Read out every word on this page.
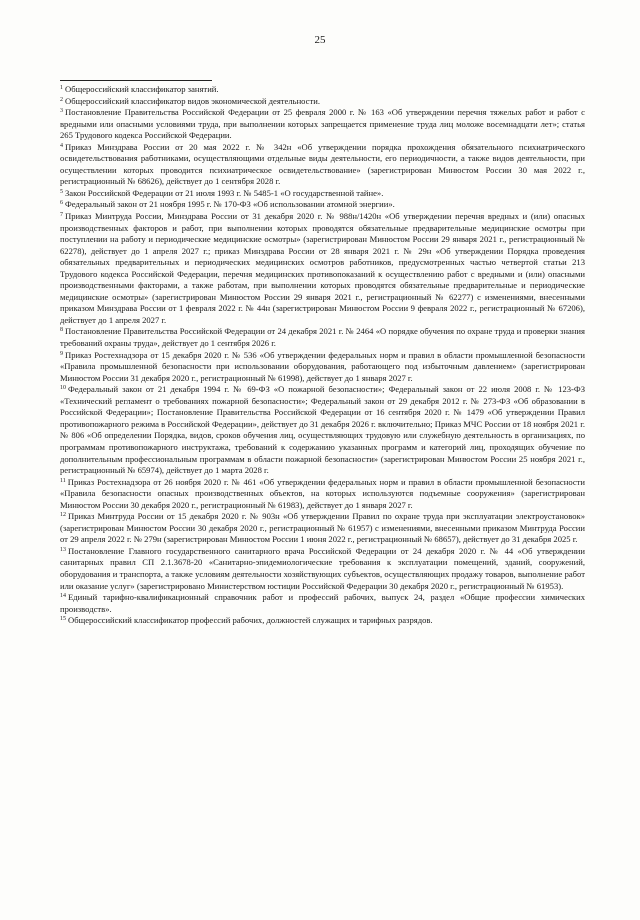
25

$^1$ Общероссийский классификатор занятий.

$^2$ Общероссийский классификатор видов экономической деятельности.

$^3$ Постановление Правительства Российской Федерации от 25 февраля 2000 г. № 163 «Об утверждении перечня тяжелых работ и работ с вредными или опасными условиями труда, при выполнении которых запрещается применение труда лиц моложе восемнадцати лет»; статья 265 Трудового кодекса Российской Федерации.

$^4$ Приказ Минздрава России от 20 мая 2022 г. № 342н «Об утверждении порядка прохождения обязательного психиатрического освидетельствования работниками, осуществляющими отдельные виды деятельности, его периодичности, а также видов деятельности, при осуществлении которых проводится психиатрическое освидетельствование» (зарегистрирован Минюстом России 30 мая 2022 г., регистрационный № 68626), действует до 1 сентября 2028 г.

$^5$ Закон Российской Федерации от 21 июля 1993 г. № 5485-1 «О государственной тайне».

$^6$ Федеральный закон от 21 ноября 1995 г. № 170-ФЗ «Об использовании атомной энергии».

$^7$ Приказ Минтруда России, Минздрава России от 31 декабря 2020 г. № 988н/1420н «Об утверждении перечня вредных и (или) опасных производственных факторов и работ, при выполнении которых проводятся обязательные предварительные медицинские осмотры при поступлении на работу и периодические медицинские осмотры» (зарегистрирован Минюстом России 29 января 2021 г., регистрационный № 62278), действует до 1 апреля 2027 г.; приказ Минздрава России от 28 января 2021 г. № 29н «Об утверждении Порядка проведения обязательных предварительных и периодических медицинских осмотров работников, предусмотренных частью четвертой статьи 213 Трудового кодекса Российской Федерации, перечня медицинских противопоказаний к осуществлению работ с вредными и (или) опасными производственными факторами, а также работам, при выполнении которых проводятся обязательные предварительные и периодические медицинские осмотры» (зарегистрирован Минюстом России 29 января 2021 г., регистрационный № 62277) с изменениями, внесенными приказом Минздрава России от 1 февраля 2022 г. № 44н (зарегистрирован Минюстом России 9 февраля 2022 г., регистрационный № 67206), действует до 1 апреля 2027 г.

$^8$ Постановление Правительства Российской Федерации от 24 декабря 2021 г. № 2464 «О порядке обучения по охране труда и проверки знания требований охраны труда», действует до 1 сентября 2026 г.

$^9$ Приказ Ростехнадзора от 15 декабря 2020 г. № 536 «Об утверждении федеральных норм и правил в области промышленной безопасности «Правила промышленной безопасности при использовании оборудования, работающего под избыточным давлением» (зарегистрирован Минюстом России 31 декабря 2020 г., регистрационный № 61998), действует до 1 января 2027 г.

$^{10}$ Федеральный закон от 21 декабря 1994 г. № 69-ФЗ «О пожарной безопасности»; Федеральный закон от 22 июля 2008 г. № 123-ФЗ «Технический регламент о требованиях пожарной безопасности»; Федеральный закон от 29 декабря 2012 г. № 273-ФЗ «Об образовании в Российской Федерации»; Постановление Правительства Российской Федерации от 16 сентября 2020 г. № 1479 «Об утверждении Правил противопожарного режима в Российской Федерации», действует до 31 декабря 2026 г. включительно; Приказ МЧС России от 18 ноября 2021 г. № 806 «Об определении Порядка, видов, сроков обучения лиц, осуществляющих трудовую или служебную деятельность в организациях, по программам противопожарного инструктажа, требований к содержанию указанных программ и категорий лиц, проходящих обучение по дополнительным профессиональным программам в области пожарной безопасности» (зарегистрирован Минюстом России 25 ноября 2021 г., регистрационный № 65974), действует до 1 марта 2028 г.

$^{11}$ Приказ Ростехнадзора от 26 ноября 2020 г. № 461 «Об утверждении федеральных норм и правил в области промышленной безопасности «Правила безопасности опасных производственных объектов, на которых используются подъемные сооружения» (зарегистрирован Минюстом России 30 декабря 2020 г., регистрационный № 61983), действует до 1 января 2027 г.

$^{12}$ Приказ Минтруда России от 15 декабря 2020 г. № 903н «Об утверждении Правил по охране труда при эксплуатации электроустановок» (зарегистрирован Минюстом России 30 декабря 2020 г., регистрационный № 61957) с изменениями, внесенными приказом Минтруда России от 29 апреля 2022 г. № 279н (зарегистрирован Минюстом России 1 июня 2022 г., регистрационный № 68657), действует до 31 декабря 2025 г.

$^{13}$ Постановление Главного государственного санитарного врача Российской Федерации от 24 декабря 2020 г. № 44 «Об утверждении санитарных правил СП 2.1.3678-20 «Санитарно-эпидемиологические требования к эксплуатации помещений, зданий, сооружений, оборудования и транспорта, а также условиям деятельности хозяйствующих субъектов, осуществляющих продажу товаров, выполнение работ или оказание услуг» (зарегистрировано Министерством юстиции Российской Федерации 30 декабря 2020 г., регистрационный № 61953).

$^{14}$ Единый тарифно-квалификационный справочник работ и профессий рабочих, выпуск 24, раздел «Общие профессии химических производств».

$^{15}$ Общероссийский классификатор профессий рабочих, должностей служащих и тарифных разрядов.
